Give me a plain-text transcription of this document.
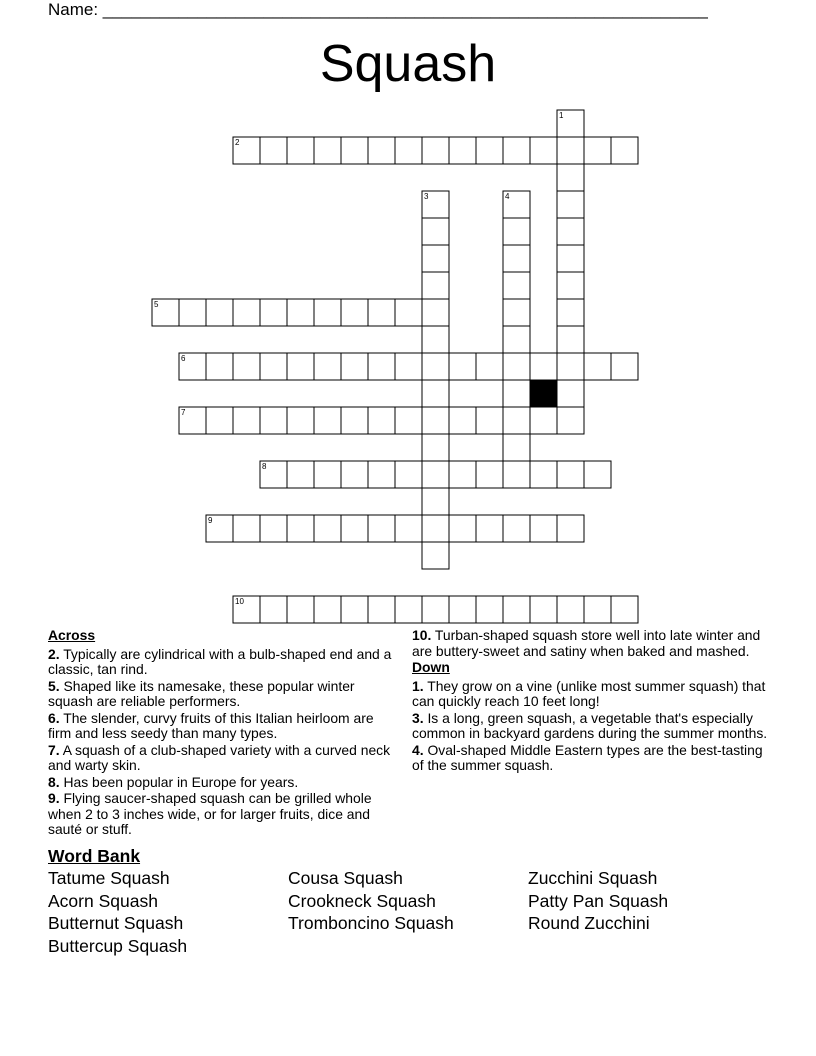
Name: ________________________________________________________________
Squash
1
2
3	4
5
6
7
8
9
10
Across

2. Typically are cylindrical with a bulb-shaped end and a classic, tan rind.

5. Shaped like its namesake, these popular winter squash are reliable performers.

6. The slender, curvy fruits of this Italian heirloom are firm and less seedy than many types.

7. A squash of a club-shaped variety with a curved neck and warty skin.

8. Has been popular in Europe for years.

9. Flying saucer-shaped squash can be grilled whole when 2 to 3 inches wide, or for larger fruits, dice and sauté or stuff.

10. Turban-shaped squash store well into late winter and are buttery-sweet and satiny when baked and mashed.

Down

1. They grow on a vine (unlike most summer squash) that can quickly reach 10 feet long!

3. Is a long, green squash, a vegetable that's especially common in backyard gardens during the summer months.

4. Oval-shaped Middle Eastern types are the best-tasting of the summer squash.

Word Bank
Tatume Squash
Acorn Squash
Butternut Squash
Buttercup Squash
Cousa Squash
Crookneck Squash
Tromboncino Squash
Zucchini Squash
Patty Pan Squash
Round Zucchini
